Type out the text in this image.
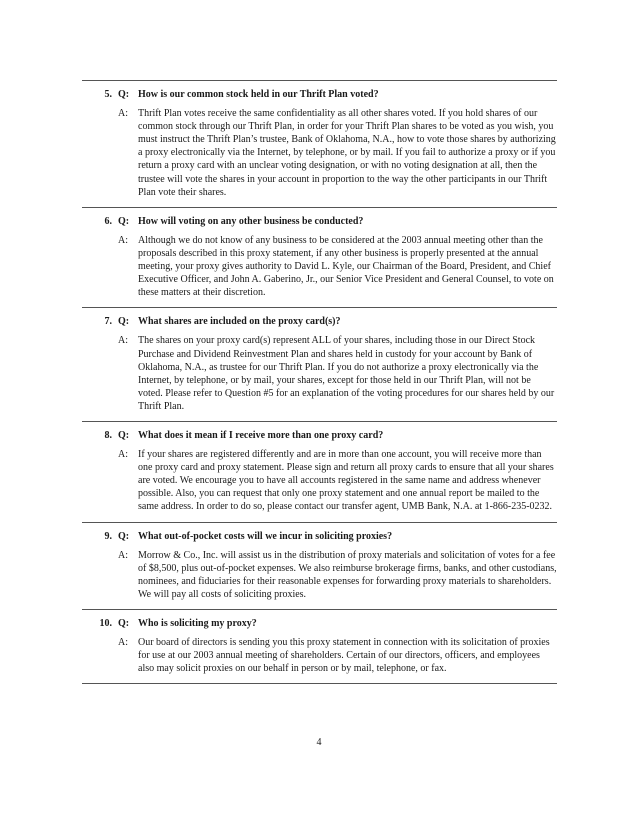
5. Q: How is our common stock held in our Thrift Plan voted?
A:	Thrift Plan votes receive the same confidentiality as all other shares voted. If you hold shares of our common stock through our Thrift Plan, in order for your Thrift Plan shares to be voted as you wish, you must instruct the Thrift Plan’s trustee, Bank of Oklahoma, N.A., how to vote those shares by authorizing a proxy electronically via the Internet, by telephone, or by mail. If you fail to authorize a proxy or if you return a proxy card with an unclear voting designation, or with no voting designation at all, then the trustee will vote the shares in your account in proportion to the way the other participants in our Thrift Plan vote their shares.
6. Q: How will voting on any other business be conducted?
A:	Although we do not know of any business to be considered at the 2003 annual meeting other than the proposals described in this proxy statement, if any other business is properly presented at the annual meeting, your proxy gives authority to David L. Kyle, our Chairman of the Board, President, and Chief Executive Officer, and John A. Gaberino, Jr., our Senior Vice President and General Counsel, to vote on these matters at their discretion.
7. Q: What shares are included on the proxy card(s)?
A:	The shares on your proxy card(s) represent ALL of your shares, including those in our Direct Stock Purchase and Dividend Reinvestment Plan and shares held in custody for your account by Bank of Oklahoma, N.A., as trustee for our Thrift Plan. If you do not authorize a proxy electronically via the Internet, by telephone, or by mail, your shares, except for those held in our Thrift Plan, will not be voted. Please refer to Question #5 for an explanation of the voting procedures for our shares held by our Thrift Plan.
8. Q: What does it mean if I receive more than one proxy card?
A:	If your shares are registered differently and are in more than one account, you will receive more than one proxy card and proxy statement. Please sign and return all proxy cards to ensure that all your shares are voted. We encourage you to have all accounts registered in the same name and address whenever possible. Also, you can request that only one proxy statement and one annual report be mailed to the same address. In order to do so, please contact our transfer agent, UMB Bank, N.A. at 1-866-235-0232.
9. Q: What out-of-pocket costs will we incur in soliciting proxies?
A:	Morrow & Co., Inc. will assist us in the distribution of proxy materials and solicitation of votes for a fee of $8,500, plus out-of-pocket expenses. We also reimburse brokerage firms, banks, and other custodians, nominees, and fiduciaries for their reasonable expenses for forwarding proxy materials to shareholders. We will pay all costs of soliciting proxies.
10. Q: Who is soliciting my proxy?
A:	Our board of directors is sending you this proxy statement in connection with its solicitation of proxies for use at our 2003 annual meeting of shareholders. Certain of our directors, officers, and employees also may solicit proxies on our behalf in person or by mail, telephone, or fax.
4
